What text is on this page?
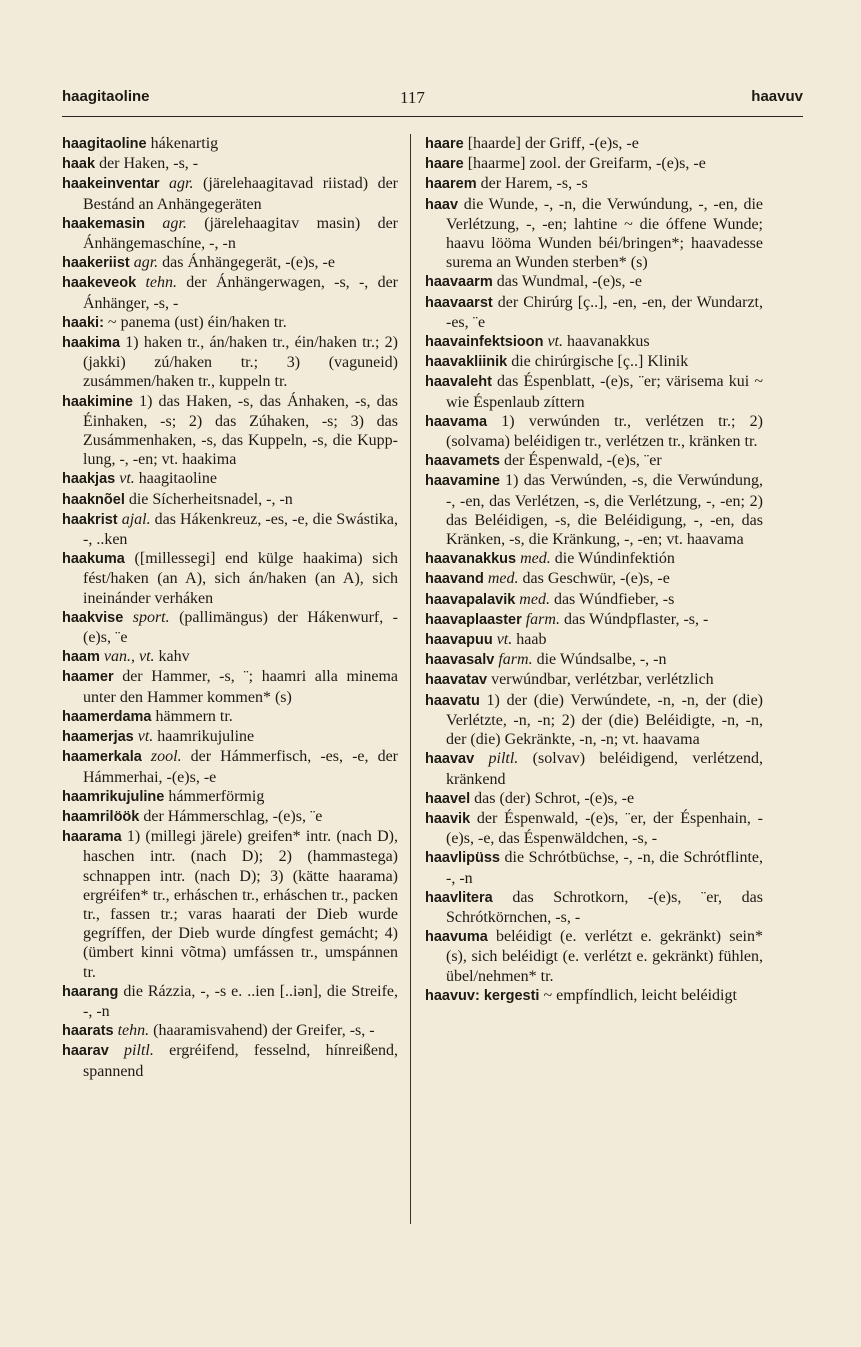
haagitaoline	117	haavuv

haagitaoline hákenartig

haak der Haken, -s, -

haakeinventar agr. (järelehaagitavad riistad) der Bestánd an Anhängegeräten

haakemasin agr. (järelehaagitav masin) der Ánhängemaschíne, -, -n

haakeriist agr. das Ánhängegerät, -(e)s, -e

haakeveok tehn. der Ánhängerwagen, -s, -, der Ánhänger, -s, -

haaki: ~ panema (ust) éin/haken tr.

haakima 1) haken tr., án/haken tr., éin/haken tr.; 2) (jakki) zú/haken tr.; 3) (vaguneid) zusámmen/haken tr., kuppeln tr.

haakimine 1) das Haken, -s, das Ánhaken, -s, das Éinhaken, -s; 2) das Zúhaken, -s; 3) das Zusámmenhaken, -s, das Kuppeln, -s, die Kupplung, -, -en; vt. haakima

haakjas vt. haagitaoline

haaknõel die Sícherheitsnadel, -, -n

haakrist ajal. das Hákenkreuz, -es, -e, die Swástika, -, ..ken

haakuma ([millessegi] end külge haakima) sich fést/haken (an A), sich án/haken (an A), sich ineinánder verháken

haakvise sport. (pallimängus) der Hákenwurf, -(e)s, ¨e

haam van., vt. kahv

haamer der Hammer, -s, ¨; haamri alla minema unter den Hammer kommen* (s)

haamerdama hämmern tr.

haamerjas vt. haamrikujuline

haamerkala zool. der Hámmerfisch, -es, -e, der Hámmerhai, -(e)s, -e

haamrikujuline hámmerförmig

haamrilöök der Hámmerschlag, -(e)s, ¨e

haarama 1) (millegi järele) greifen* intr. (nach D), haschen intr. (nach D); 2) (hammastega) schnappen intr. (nach D); 3) (kätte haarama) ergréifen* tr., erháschen tr., erháschen tr., packen tr., fassen tr.; varas haarati der Dieb wurde gegríffen, der Dieb wurde díngfest gemácht; 4) (ümbert kinni võtma) umfássen tr., umspánnen tr.

haarang die Rázzia, -, -s e. ..ien [..iən], die Streife, -, -n

haarats tehn. (haaramisvahend) der Greifer, -s, -

haarav piltl. ergréifend, fesselnd, hínreißend, spannend

haare [haarde] der Griff, -(e)s, -e

haare [haarme] zool. der Greifarm, -(e)s, -e

haarem der Harem, -s, -s

haav die Wunde, -, -n, die Verwúndung, -, -en, die Verlétzung, -, -en; lahtine ~ die óffene Wunde; haavu lööma Wunden béi/bringen*; haavadesse surema an Wunden sterben* (s)

haavaarm das Wundmal, -(e)s, -e

haavaarst der Chirúrg [ç..], -en, -en, der Wundarzt, -es, ¨e

haavainfektsioon vt. haavanakkus

haavakliinik die chirúrgische [ç..] Klinik

haavaleht das Éspenblatt, -(e)s, ¨er; värisema kui ~ wie Éspenlaub zíttern

haavama 1) verwúnden tr., verlétzen tr.; 2) (solvama) beléidigen tr., verlétzen tr., kränken tr.

haavamets der Éspenwald, -(e)s, ¨er

haavamine 1) das Verwúnden, -s, die Verwúndung, -, -en, das Verlétzen, -s, die Verlétzung, -, -en; 2) das Beléidigen, -s, die Beléidigung, -, -en, das Kränken, -s, die Kränkung, -, -en; vt. haavama

haavanakkus med. die Wúndinfektión

haavand med. das Geschwür, -(e)s, -e

haavapalavik med. das Wúndfieber, -s

haavaplaaster farm. das Wúndpflaster, -s, -

haavapuu vt. haab

haavasalv farm. die Wúndsalbe, -, -n

haavatav verwúndbar, verlétzbar, verlétzlich

haavatu 1) der (die) Verwúndete, -n, -n, der (die) Verlétzte, -n, -n; 2) der (die) Beléidigte, -n, -n, der (die) Gekränkte, -n, -n; vt. haavama

haavav piltl. (solvav) beléidigend, verlétzend, kränkend

haavel das (der) Schrot, -(e)s, -e

haavik der Éspenwald, -(e)s, ¨er, der Éspenhain, -(e)s, -e, das Éspenwäldchen, -s, -

haavlipüss die Schrótbüchse, -, -n, die Schrótflinte, -, -n

haavlitera das Schrotkorn, -(e)s, ¨er, das Schrótkörnchen, -s, -

haavuma beléidigt (e. verlétzt e. gekränkt) sein* (s), sich beléidigt (e. verlétzt e. gekränkt) fühlen, übel/nehmen* tr.

haavuv: kergesti ~ empfíndlich, leicht beléidigt
